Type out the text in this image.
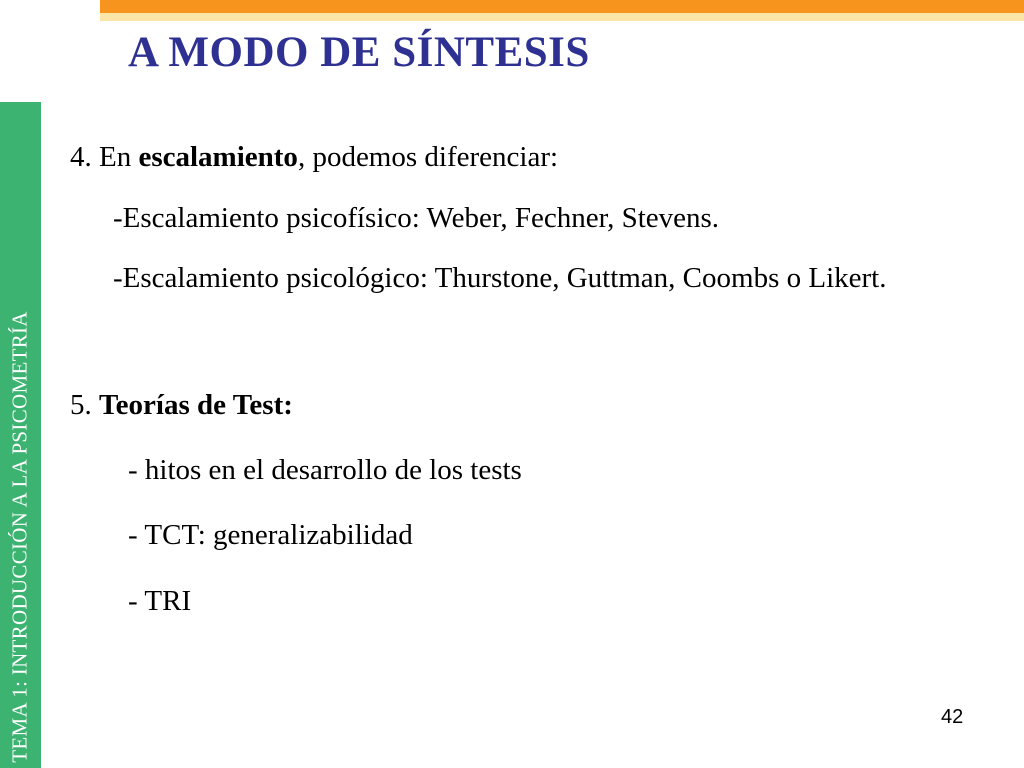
A MODO DE SÍNTESIS
TEMA 1: INTRODUCCIÓN A LA PSICOMETRÍA
4. En escalamiento, podemos diferenciar:
-Escalamiento psicofísico: Weber, Fechner, Stevens.
-Escalamiento psicológico: Thurstone, Guttman, Coombs o Likert.
5. Teorías de Test:
- hitos en el desarrollo de los tests
- TCT: generalizabilidad
- TRI
42
